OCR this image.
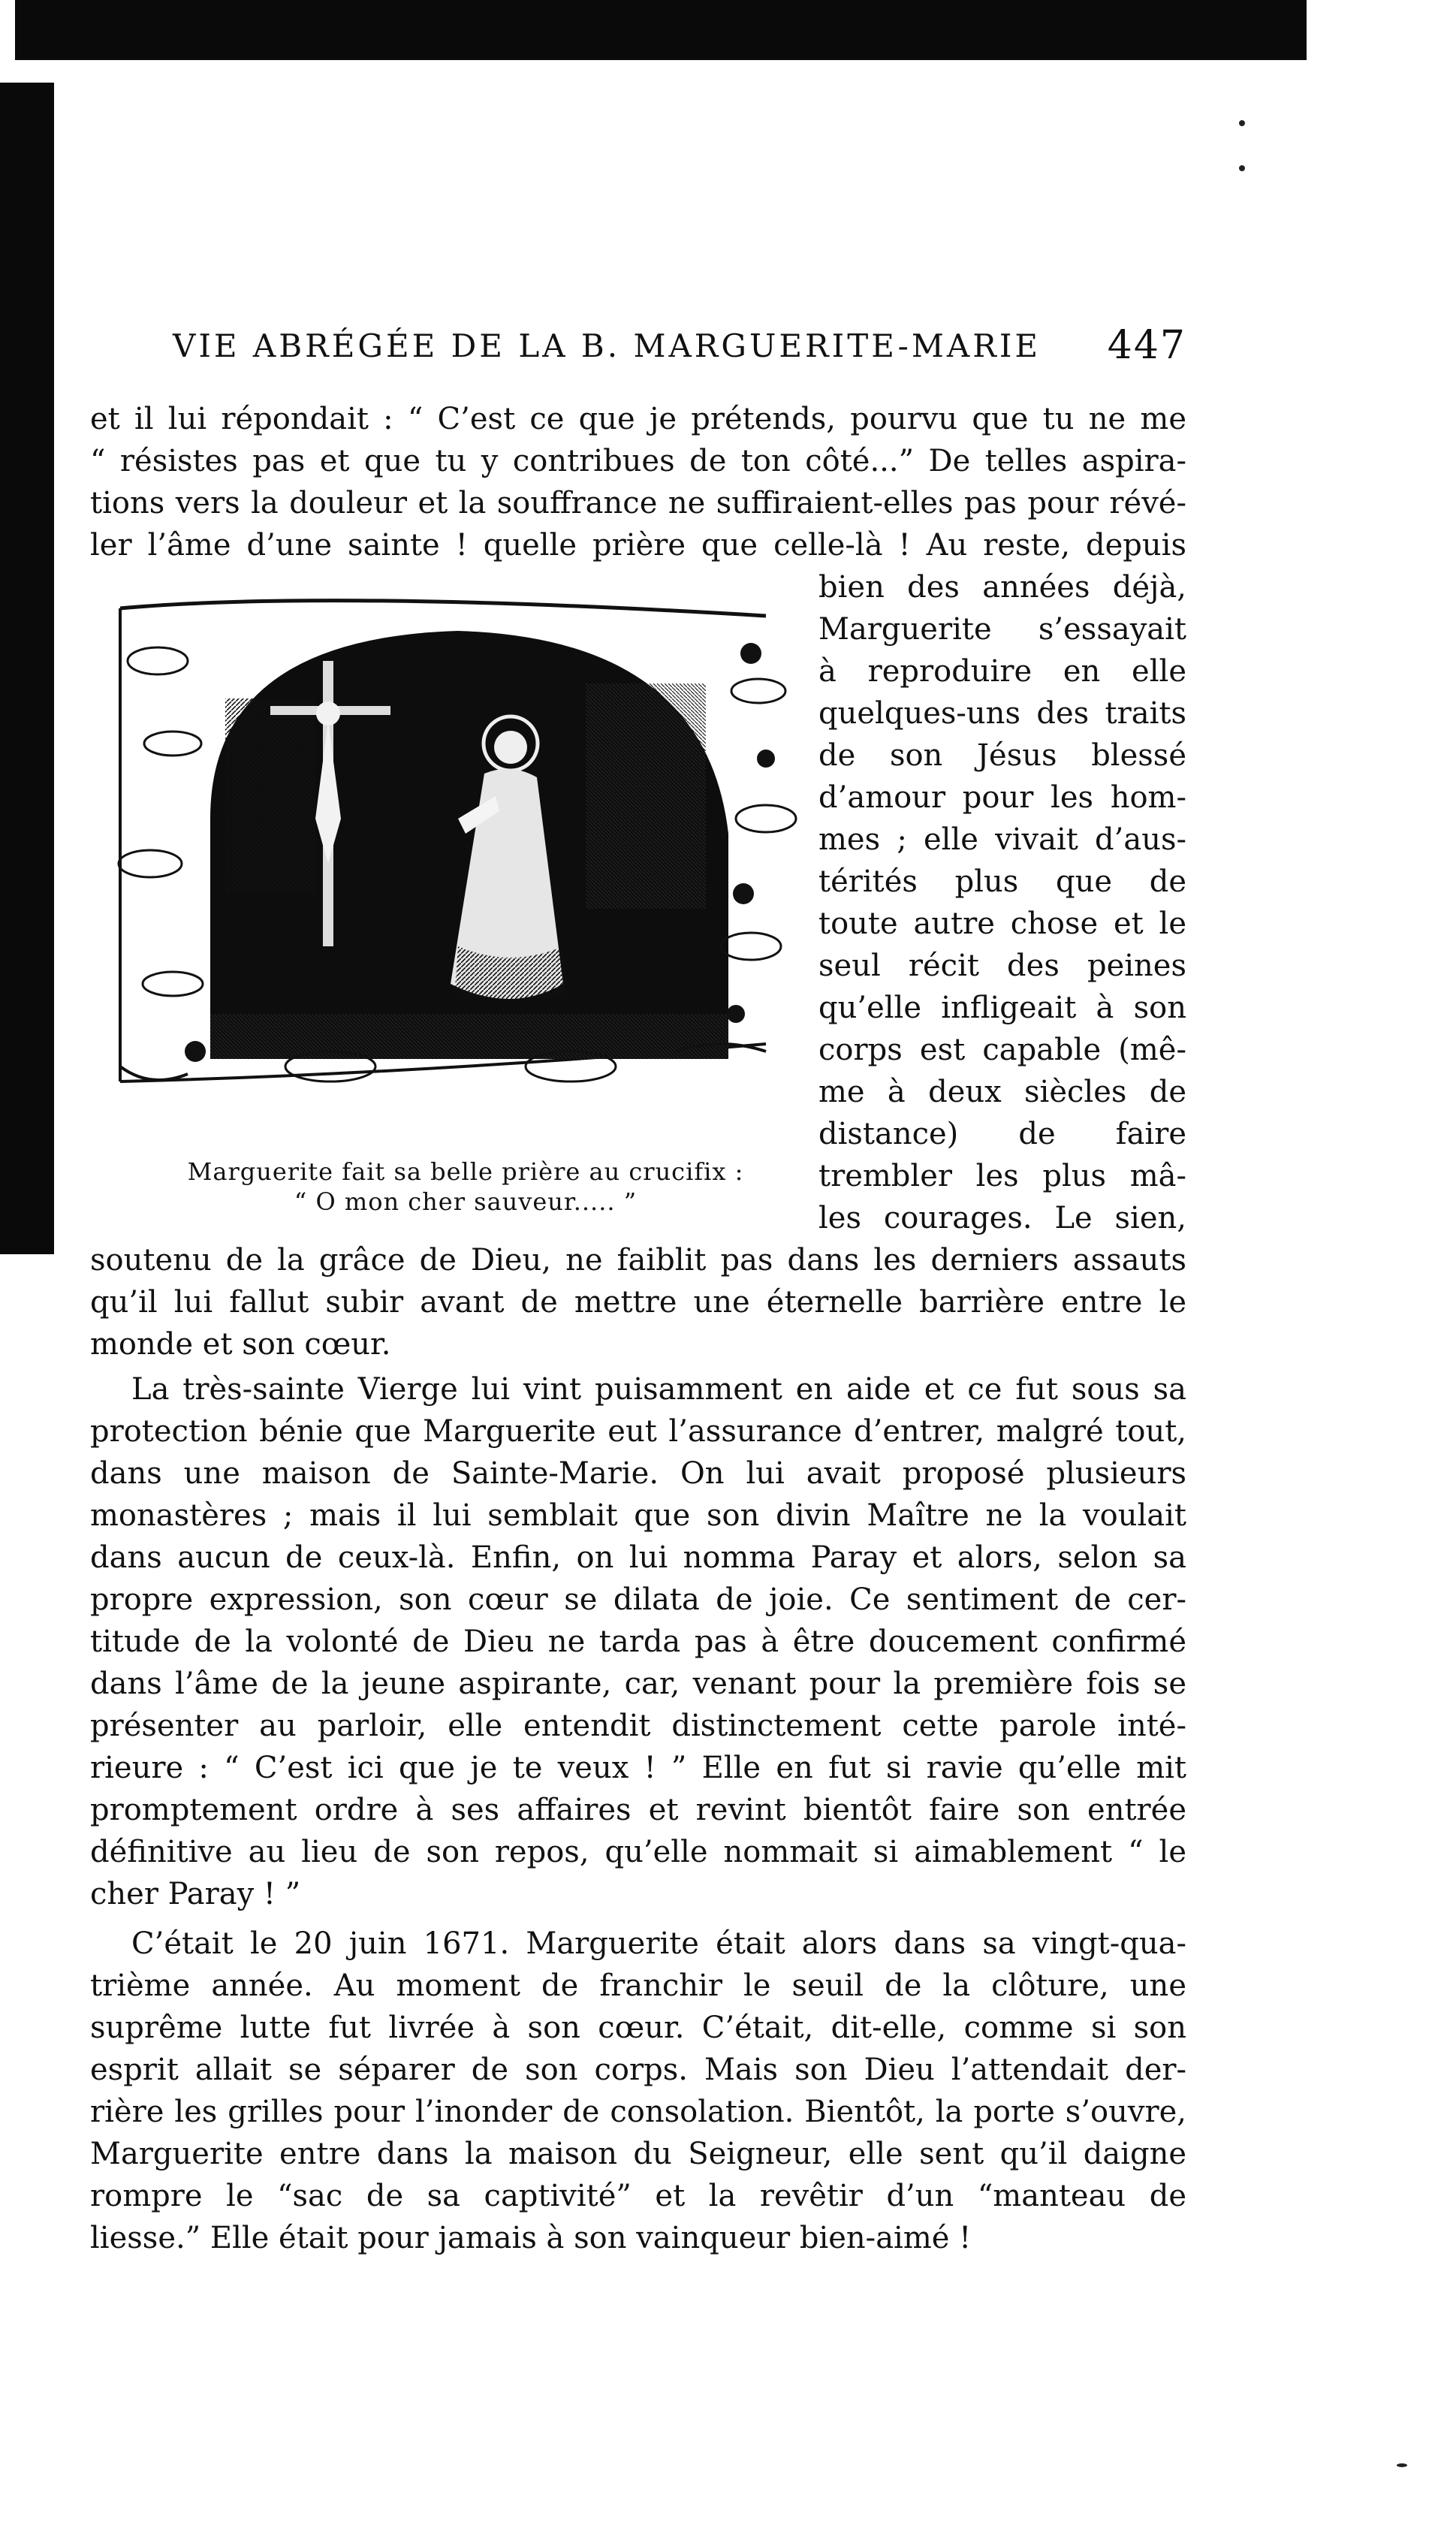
VIE ABRÉGÉE DE LA B. MARGUERITE-MARIE 447
et il lui répondait : “ C’est ce que je prétends, pourvu que tu ne me
“ résistes pas et que tu y contribues de ton côté...” De telles aspira-
tions vers la douleur et la souffrance ne suffiraient-elles pas pour révé-
ler l’âme d’une sainte ! quelle prière que celle-là ! Au reste, depuis
bien des années déjà,
Marguerite s’essayait
à reproduire en elle
quelques-uns des traits
de son Jésus blessé
d’amour pour les hom-
mes ; elle vivait d’aus-
térités plus que de
toute autre chose et le
seul récit des peines
qu’elle infligeait à son
corps est capable (mê-
me à deux siècles de
distance) de faire
trembler les plus mâ-
les courages. Le sien,
Marguerite fait sa belle prière au crucifix :
“ O mon cher sauveur..... ”
soutenu de la grâce de Dieu, ne faiblit pas dans les derniers assauts
qu’il lui fallut subir avant de mettre une éternelle barrière entre le
monde et son cœur.
La très-sainte Vierge lui vint puisamment en aide et ce fut sous sa
protection bénie que Marguerite eut l’assurance d’entrer, malgré tout,
dans une maison de Sainte-Marie. On lui avait proposé plusieurs
monastères ; mais il lui semblait que son divin Maître ne la voulait
dans aucun de ceux-là. Enfin, on lui nomma Paray et alors, selon sa
propre expression, son cœur se dilata de joie. Ce sentiment de cer-
titude de la volonté de Dieu ne tarda pas à être doucement confirmé
dans l’âme de la jeune aspirante, car, venant pour la première fois se
présenter au parloir, elle entendit distinctement cette parole inté-
rieure : “ C’est ici que je te veux ! ” Elle en fut si ravie qu’elle mit
promptement ordre à ses affaires et revint bientôt faire son entrée
définitive au lieu de son repos, qu’elle nommait si aimablement “ le
cher Paray ! ”
C’était le 20 juin 1671. Marguerite était alors dans sa vingt-qua-
trième année. Au moment de franchir le seuil de la clôture, une
suprême lutte fut livrée à son cœur. C’était, dit-elle, comme si son
esprit allait se séparer de son corps. Mais son Dieu l’attendait der-
rière les grilles pour l’inonder de consolation. Bientôt, la porte s’ouvre,
Marguerite entre dans la maison du Seigneur, elle sent qu’il daigne
rompre le “sac de sa captivité” et la revêtir d’un “manteau de
liesse.” Elle était pour jamais à son vainqueur bien-aimé !
